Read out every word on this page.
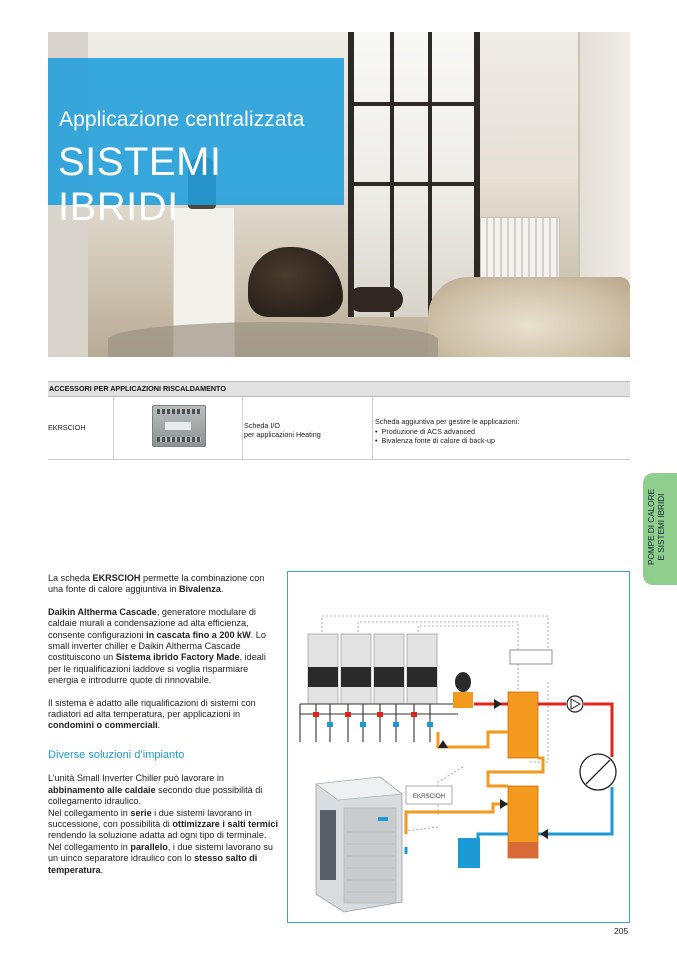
Applicazione centralizzata
SISTEMI IBRIDI
ACCESSORI PER APPLICAZIONI RISCALDAMENTO
EKRSCIOH	Scheda I/O
per applicazioni Heating
Scheda aggiuntiva per gestire le applicazioni:
• Produzione di ACS advanced
• Bivalenza fonte di calore di back-up
POMPE DI CALORE E SISTEMI IBRIDI

La scheda EKRSCIOH permette la combinazione con una fonte di calore aggiuntiva in Bivalenza.

Daikin Altherma Cascade, generatore modulare di caldaie murali a condensazione ad alta efficienza, consente configurazioni in cascata fino a 200 kW. Lo small inverter chiller e Daikin Altherma Cascade costituiscono un Sistema ibrido Factory Made, ideali per le riqualificazioni laddove si voglia risparmiare energia e introdurre quote di rinnovabile.

Il sistema è adatto alle riqualificazioni di sistemi con radiatori ad alta temperatura, per applicazioni in condomini o commerciali.

Diverse soluzioni d’impianto

L’unità Small Inverter Chiller può lavorare in abbinamento alle caldaie secondo due possibilità di collegamento idraulico.

Nel collegamento in serie i due sistemi lavorano in successione, con possibilità di ottimizzare i salti termici rendendo la soluzione adatta ad ogni tipo di terminale.

Nel collegamento in parallelo, i due sistemi lavorano su un uinco separatore idraulico con lo stesso salto di temperatura.

EKRSCIOH
205
